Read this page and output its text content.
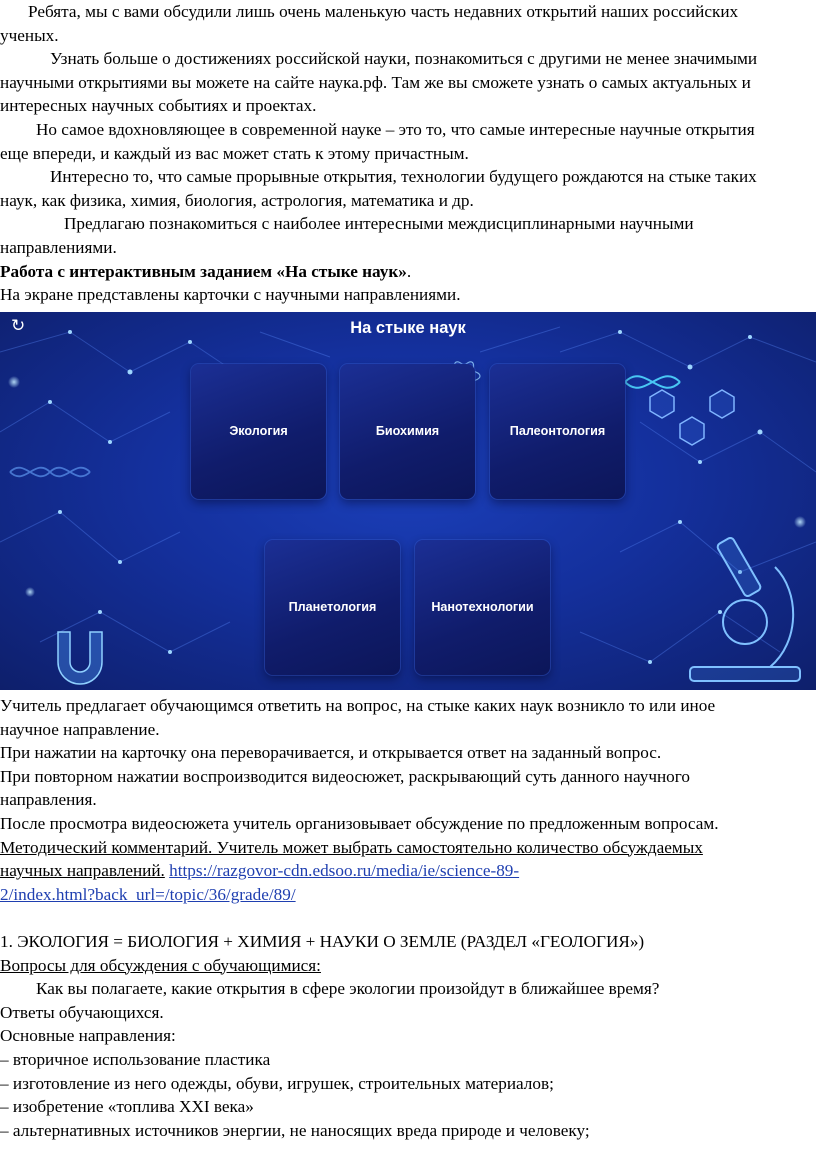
Ребята, мы с вами обсудили лишь очень маленькую часть недавних открытий наших российских
ученых.

Узнать больше о достижениях российской науки, познакомиться с другими не менее значимыми
научными открытиями вы можете на сайте наука.рф. Там же вы сможете узнать о самых актуальных и
интересных научных событиях и проектах.

Но самое вдохновляющее в современной науке – это то, что самые интересные научные открытия
еще впереди, и каждый из вас может стать к этому причастным.

Интересно то, что самые прорывные открытия, технологии будущего рождаются на стыке таких
наук, как физика, химия, биология, астрология, математика и др.

Предлагаю познакомиться с наиболее интересными междисциплинарными научными
направлениями.

Работа с интерактивным заданием «На стыке наук».

На экране представлены карточки с научными направлениями.

↻	На стыке наук
Экология	Биохимия	Палеонтология
Планетология	Нанотехнологии

Учитель предлагает обучающимся ответить на вопрос, на стыке каких наук возникло то или иное
научное направление.

При нажатии на карточку она переворачивается, и открывается ответ на заданный вопрос.

При повторном нажатии воспроизводится видеосюжет, раскрывающий суть данного научного
направления.

После просмотра видеосюжета учитель организовывает обсуждение по предложенным вопросам.

Методический комментарий. Учитель может выбрать самостоятельно количество обсуждаемых
научных направлений. https://razgovor-cdn.edsoo.ru/media/ie/science-89-
2/index.html?back_url=/topic/36/grade/89/

1. ЭКОЛОГИЯ = БИОЛОГИЯ + ХИМИЯ + НАУКИ О ЗЕМЛЕ (РАЗДЕЛ «ГЕОЛОГИЯ»)

Вопросы для обсуждения с обучающимися:

Как вы полагаете, какие открытия в сфере экологии произойдут в ближайшее время?

Ответы обучающихся.

Основные направления:

– вторичное использование пластика

– изготовление из него одежды, обуви, игрушек, строительных материалов;

– изобретение «топлива XXI века»

– альтернативных источников энергии, не наносящих вреда природе и человеку;
